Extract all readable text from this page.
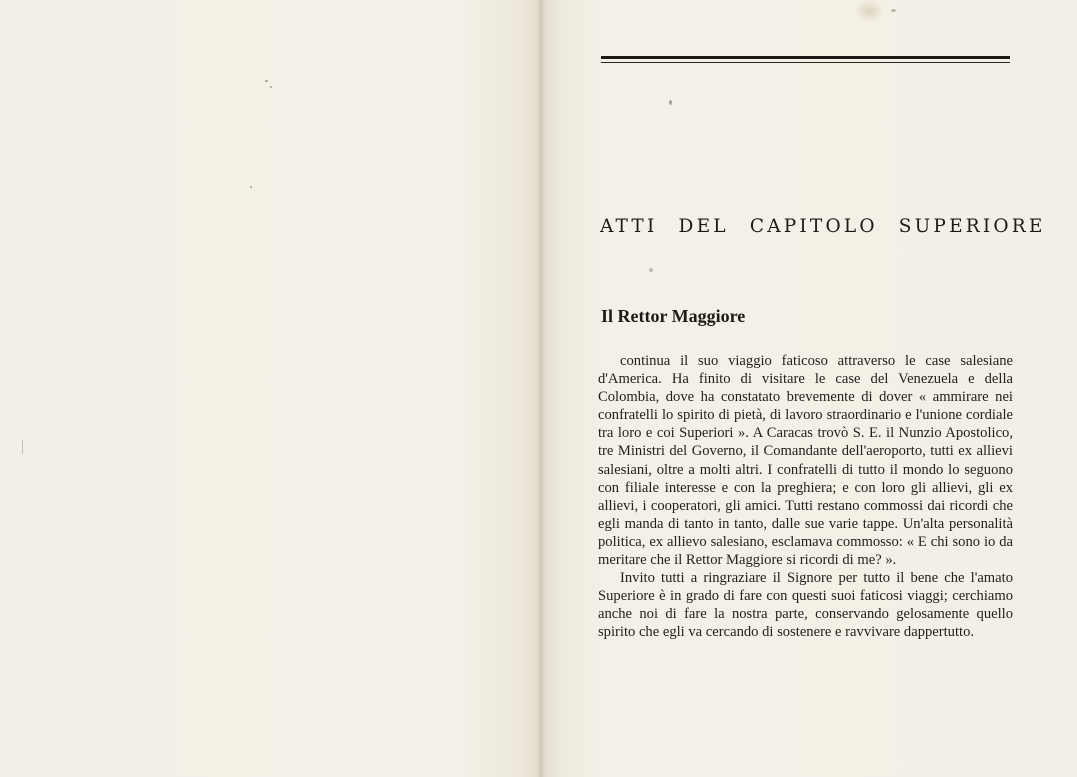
ATTI DEL CAPITOLO SUPERIORE
Il Rettor Maggiore

continua il suo viaggio faticoso attraverso le case salesiane d'America. Ha finito di visitare le case del Venezuela e della Colombia, dove ha constatato brevemente di dover « ammirare nei confratelli lo spirito di pietà, di lavoro straordinario e l'unione cordiale tra loro e coi Superiori ». A Caracas trovò S. E. il Nunzio Apostolico, tre Ministri del Governo, il Comandante dell'aeroporto, tutti ex allievi salesiani, oltre a molti altri. I confratelli di tutto il mondo lo seguono con filiale interesse e con la preghiera; e con loro gli allievi, gli ex allievi, i cooperatori, gli amici. Tutti restano commossi dai ricordi che egli manda di tanto in tanto, dalle sue varie tappe. Un'alta personalità politica, ex allievo salesiano, esclamava commosso: « E chi sono io da meritare che il Rettor Maggiore si ricordi di me? ».

Invito tutti a ringraziare il Signore per tutto il bene che l'amato Superiore è in grado di fare con questi suoi faticosi viaggi; cerchiamo anche noi di fare la nostra parte, conservando gelosamente quello spirito che egli va cercando di sostenere e ravvivare dappertutto.
